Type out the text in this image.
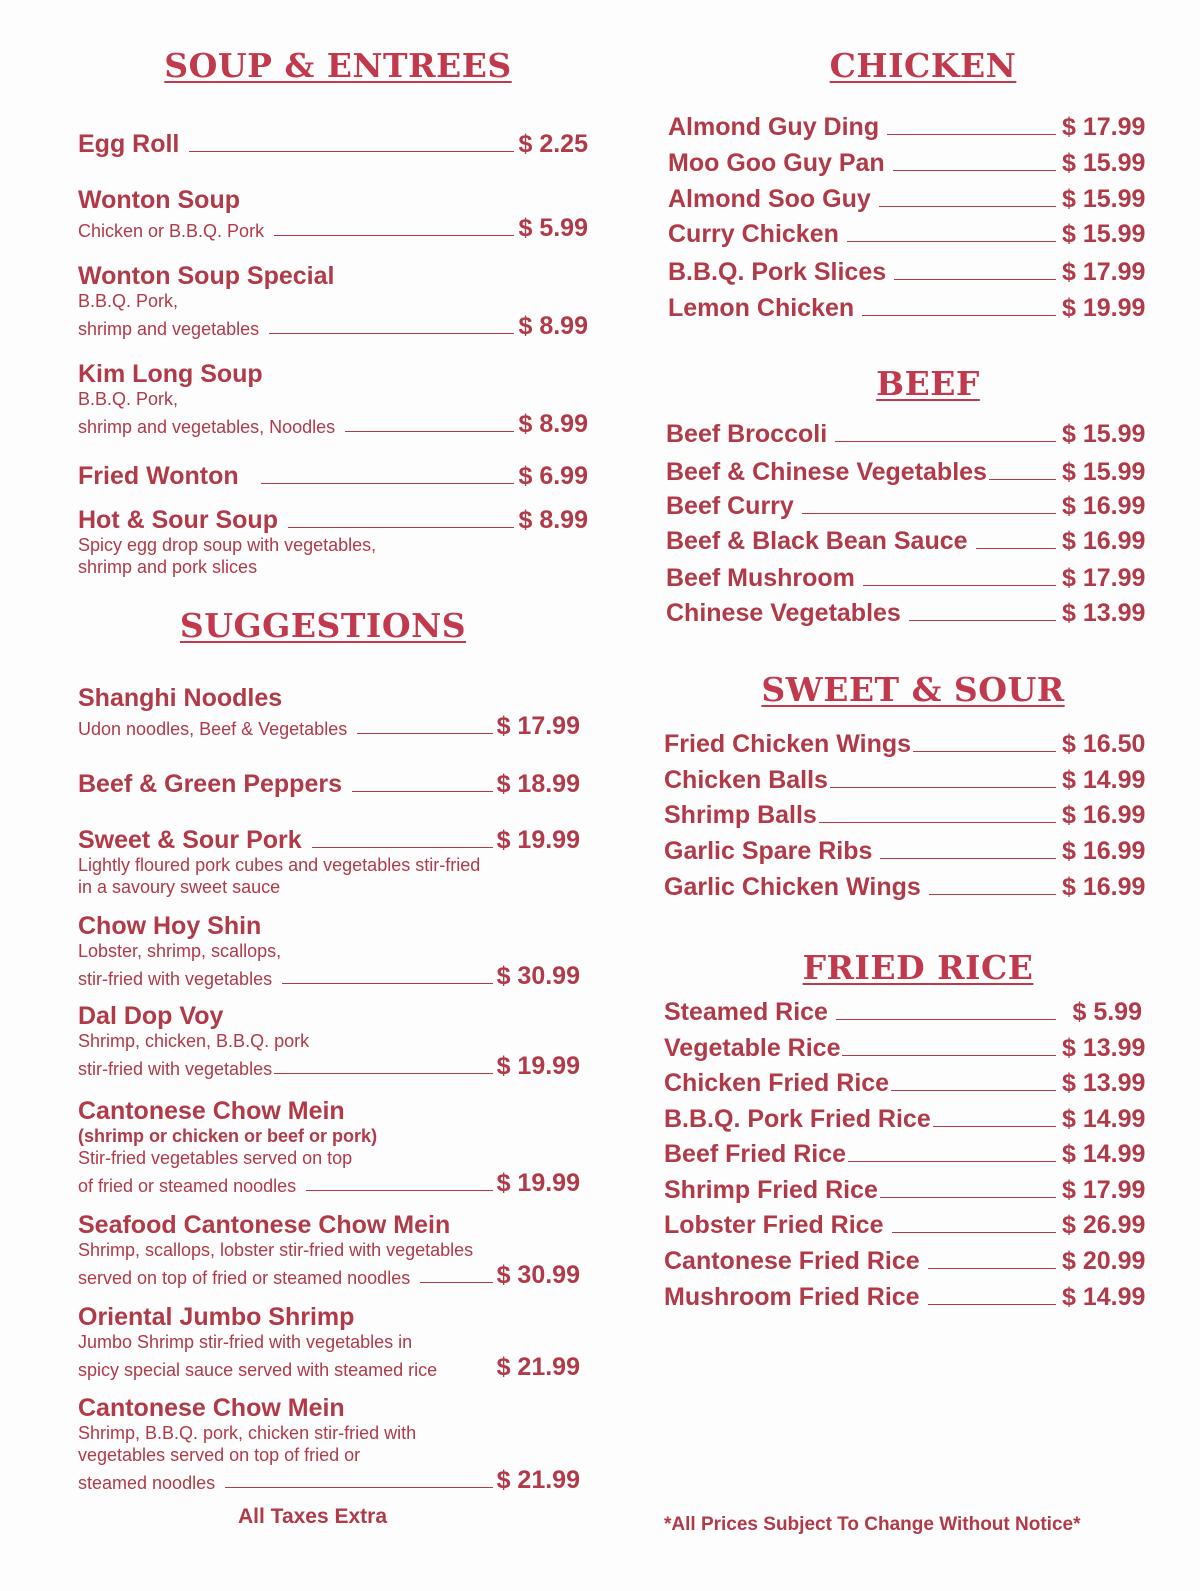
SOUP & ENTREES
Egg Roll	$ 2.25
Wonton Soup
Chicken or B.B.Q. Pork	$ 5.99
Wonton Soup Special
B.B.Q. Pork,
shrimp and vegetables	$ 8.99
Kim Long Soup
B.B.Q. Pork,
shrimp and vegetables, Noodles	$ 8.99
Fried Wonton	$ 6.99
Hot & Sour Soup	$ 8.99
Spicy egg drop soup with vegetables,
shrimp and pork slices
SUGGESTIONS
Shanghi Noodles
Udon noodles, Beef & Vegetables	$ 17.99
Beef & Green Peppers	$ 18.99
Sweet & Sour Pork	$ 19.99
Lightly floured pork cubes and vegetables stir-fried
in a savoury sweet sauce
Chow Hoy Shin
Lobster, shrimp, scallops,
stir-fried with vegetables	$ 30.99
Dal Dop Voy
Shrimp, chicken, B.B.Q. pork
stir-fried with vegetables	$ 19.99
Cantonese Chow Mein
(shrimp or chicken or beef or pork)
Stir-fried vegetables served on top
of fried or steamed noodles	$ 19.99
Seafood Cantonese Chow Mein
Shrimp, scallops, lobster stir-fried with vegetables
served on top of fried or steamed noodles	$ 30.99
Oriental Jumbo Shrimp
Jumbo Shrimp stir-fried with vegetables in
spicy special sauce served with steamed rice $ 21.99
Cantonese Chow Mein
Shrimp, B.B.Q. pork, chicken stir-fried with
vegetables served on top of fried or
steamed noodles	$ 21.99
All Taxes Extra
CHICKEN
Almond Guy Ding	$ 17.99
Moo Goo Guy Pan	$ 15.99
Almond Soo Guy	$ 15.99
Curry Chicken	$ 15.99
B.B.Q. Pork Slices	$ 17.99
Lemon Chicken	$ 19.99
BEEF
Beef Broccoli	$ 15.99
Beef & Chinese Vegetables	$ 15.99
Beef Curry	$ 16.99
Beef & Black Bean Sauce	$ 16.99
Beef Mushroom	$ 17.99
Chinese Vegetables	$ 13.99
SWEET & SOUR
Fried Chicken Wings	$ 16.50
Chicken Balls	$ 14.99
Shrimp Balls	$ 16.99
Garlic Spare Ribs	$ 16.99
Garlic Chicken Wings	$ 16.99
FRIED RICE
Steamed Rice	$ 5.99
Vegetable Rice	$ 13.99
Chicken Fried Rice	$ 13.99
B.B.Q. Pork Fried Rice	$ 14.99
Beef Fried Rice	$ 14.99
Shrimp Fried Rice	$ 17.99
Lobster Fried Rice	$ 26.99
Cantonese Fried Rice	$ 20.99
Mushroom Fried Rice	$ 14.99
*All Prices Subject To Change Without Notice*
